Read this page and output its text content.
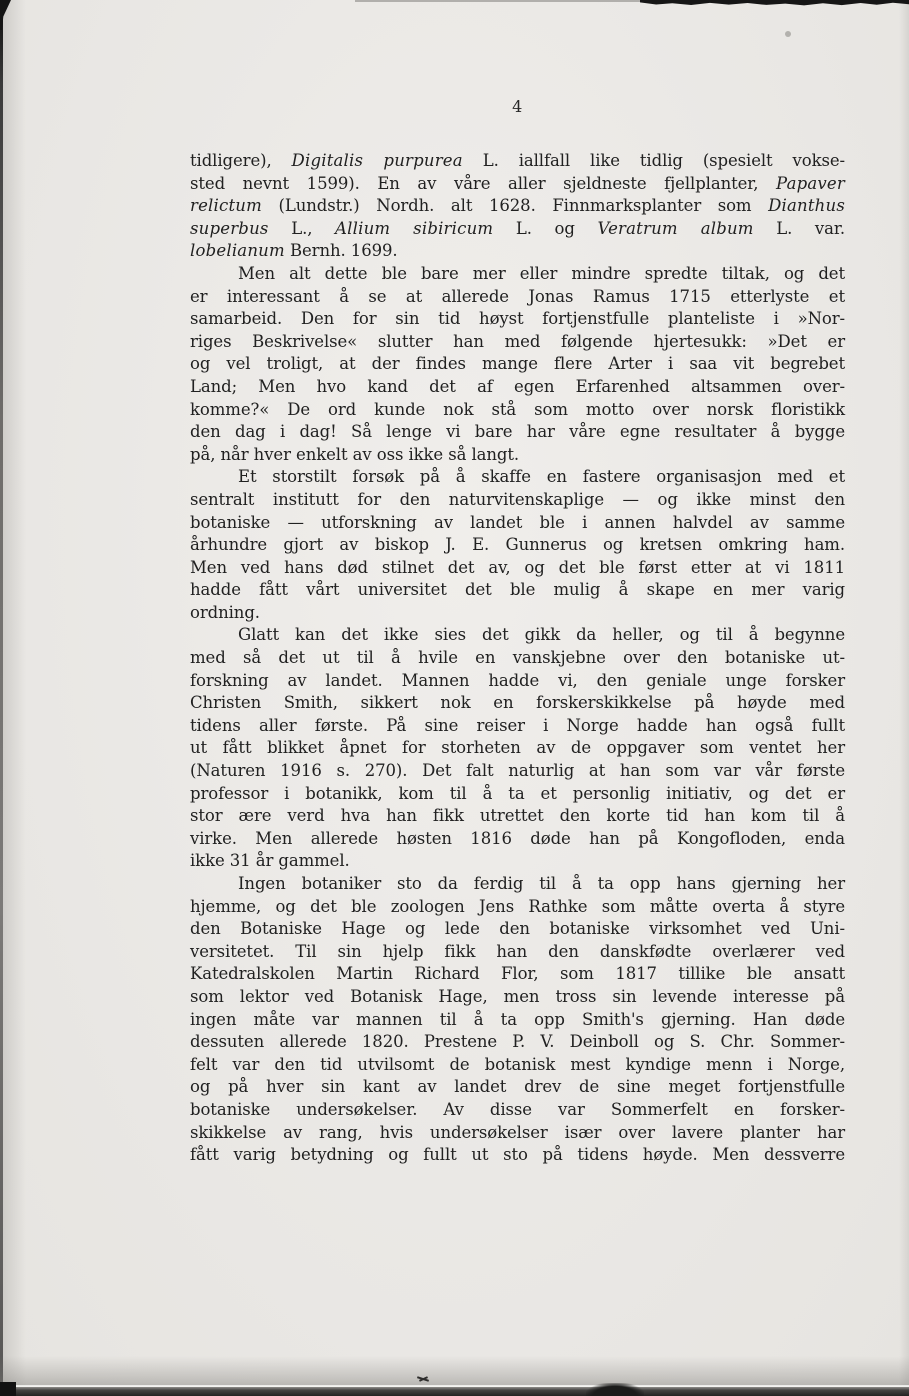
4
tidligere), Digitalis purpurea L. iallfall like tidlig (spesielt vokse-
sted nevnt 1599). En av våre aller sjeldneste fjellplanter, Papaver
relictum (Lundstr.) Nordh. alt 1628. Finnmarksplanter som Dianthus
superbus L., Allium sibiricum L. og Veratrum album L. var.
lobelianum Bernh. 1699.
Men alt dette ble bare mer eller mindre spredte tiltak, og det
er interessant å se at allerede Jonas Ramus 1715 etterlyste et
samarbeid. Den for sin tid høyst fortjenstfulle planteliste i »Nor-
riges Beskrivelse« slutter han med følgende hjertesukk: »Det er
og vel troligt, at der findes mange flere Arter i saa vit begrebet
Land; Men hvo kand det af egen Erfarenhed altsammen over-
komme?« De ord kunde nok stå som motto over norsk floristikk
den dag i dag! Så lenge vi bare har våre egne resultater å bygge
på, når hver enkelt av oss ikke så langt.
Et storstilt forsøk på å skaffe en fastere organisasjon med et
sentralt institutt for den naturvitenskaplige — og ikke minst den
botaniske — utforskning av landet ble i annen halvdel av samme
århundre gjort av biskop J. E. Gunnerus og kretsen omkring ham.
Men ved hans død stilnet det av, og det ble først etter at vi 1811
hadde fått vårt universitet det ble mulig å skape en mer varig
ordning.
Glatt kan det ikke sies det gikk da heller, og til å begynne
med så det ut til å hvile en vanskjebne over den botaniske ut-
forskning av landet. Mannen hadde vi, den geniale unge forsker
Christen Smith, sikkert nok en forskerskikkelse på høyde med
tidens aller første. På sine reiser i Norge hadde han også fullt
ut fått blikket åpnet for storheten av de oppgaver som ventet her
(Naturen 1916 s. 270). Det falt naturlig at han som var vår første
professor i botanikk, kom til å ta et personlig initiativ, og det er
stor ære verd hva han fikk utrettet den korte tid han kom til å
virke. Men allerede høsten 1816 døde han på Kongofloden, enda
ikke 31 år gammel.
Ingen botaniker sto da ferdig til å ta opp hans gjerning her
hjemme, og det ble zoologen Jens Rathke som måtte overta å styre
den Botaniske Hage og lede den botaniske virksomhet ved Uni-
versitetet. Til sin hjelp fikk han den danskfødte overlærer ved
Katedralskolen Martin Richard Flor, som 1817 tillike ble ansatt
som lektor ved Botanisk Hage, men tross sin levende interesse på
ingen måte var mannen til å ta opp Smith's gjerning. Han døde
dessuten allerede 1820. Prestene P. V. Deinboll og S. Chr. Sommer-
felt var den tid utvilsomt de botanisk mest kyndige menn i Norge,
og på hver sin kant av landet drev de sine meget fortjenstfulle
botaniske undersøkelser. Av disse var Sommerfelt en forsker-
skikkelse av rang, hvis undersøkelser især over lavere planter har
fått varig betydning og fullt ut sto på tidens høyde. Men dessverre
